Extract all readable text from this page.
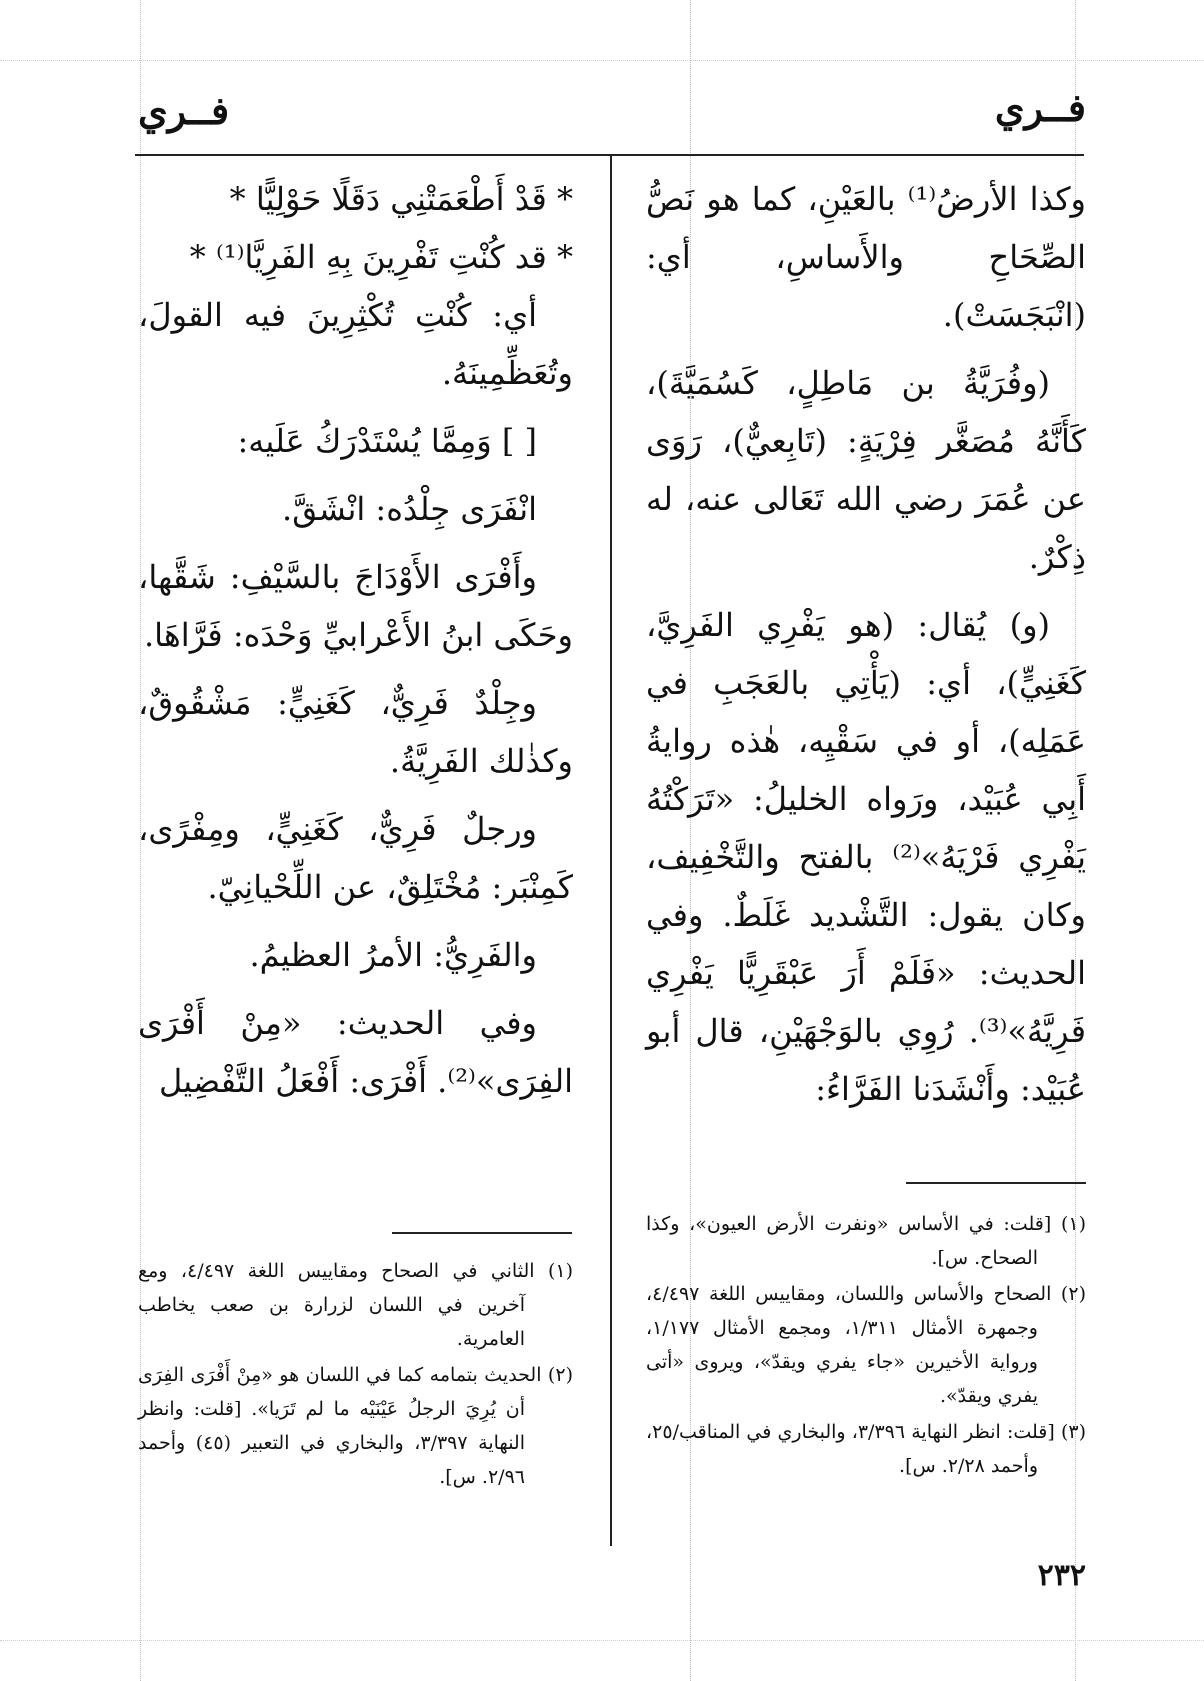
فــري
فــري

وكذا الأرضُ⁽¹⁾ بالعَيْنِ، كما هو نَصُّ الصِّحَاحِ والأَساسِ، أي: (انْبَجَسَتْ).

(وفُرَيَّةُ بن مَاطِلٍ، كَسُمَيَّةَ)، كَأَنَّهُ مُصَغَّر فِرْيَةٍ: (تَابِعيٌّ)، رَوَى عن عُمَرَ رضي الله تَعَالى عنه، له ذِكْرٌ.

(و) يُقال: (هو يَفْرِي الفَرِيَّ، كَغَنِيٍّ)، أي: (يَأْتِي بالعَجَبِ في عَمَلِه)، أو في سَقْيِه، هٰذه روايةُ أَبِي عُبَيْد، ورَواه الخليلُ: «تَرَكْتُهُ يَفْرِي فَرْيَهُ»⁽²⁾ بالفتح والتَّخْفِيف، وكان يقول: التَّشْديد غَلَطٌ. وفي الحديث: «فَلَمْ أَرَ عَبْقَرِيًّا يَفْرِي فَرِيَّهُ»⁽³⁾. رُوِي بالوَجْهَيْنِ، قال أبو عُبَيْد: وأَنْشَدَنا الفَرَّاءُ:

* قَدْ أَطْعَمَتْنِي دَقَلًا حَوْلِيًّا *

* قد كُنْتِ تَفْرِينَ بِهِ الفَرِيَّا⁽¹⁾ *

أي: كُنْتِ تُكْثِرِينَ فيه القولَ، وتُعَظِّمِينَهُ.

[ ] وَمِمَّا يُسْتَدْرَكُ عَلَيه:

انْفَرَى جِلْدُه: انْشَقَّ.

وأَفْرَى الأَوْدَاجَ بالسَّيْفِ: شَقَّها، وحَكَى ابنُ الأَعْرابيِّ وَحْدَه: فَرَّاهَا.

وجِلْدٌ فَرِيٌّ، كَغَنِيٍّ: مَشْقُوقٌ، وكذٰلك الفَرِيَّةُ.

ورجلٌ فَرِيٌّ، كَغَنِيٍّ، ومِفْرًى، كَمِنْبَر: مُخْتَلِقٌ، عن اللِّحْيانِيّ.

والفَرِيُّ: الأمرُ العظيمُ.

وفي الحديث: «مِنْ أَفْرَى الفِرَى»⁽²⁾. أَفْرَى: أَفْعَلُ التَّفْضِيل

(١) [قلت: في الأساس «ونفرت الأرض العيون»، وكذا الصحاح. س].

(٢) الصحاح والأساس واللسان، ومقاييس اللغة ٤/٤٩٧، وجمهرة الأمثال ١/٣١١، ومجمع الأمثال ١/١٧٧، ورواية الأخيرين «جاء يفري ويقدّ»، ويروى «أتى يفري ويقدّ».

(٣) [قلت: انظر النهاية ٣/٣٩٦، والبخاري في المناقب/٢٥، وأحمد ٢/٢٨. س].

(١) الثاني في الصحاح ومقاييس اللغة ٤/٤٩٧، ومع آخرين في اللسان لزرارة بن صعب يخاطب العامرية.

(٢) الحديث بتمامه كما في اللسان هو «مِنْ أَفْرَى الفِرَى أن يُرِيَ الرجلُ عَيْنَيْه ما لم تَرَيا». [قلت: وانظر النهاية ٣/٣٩٧، والبخاري في التعبير (٤٥) وأحمد ٢/٩٦. س].

٢٣٢
